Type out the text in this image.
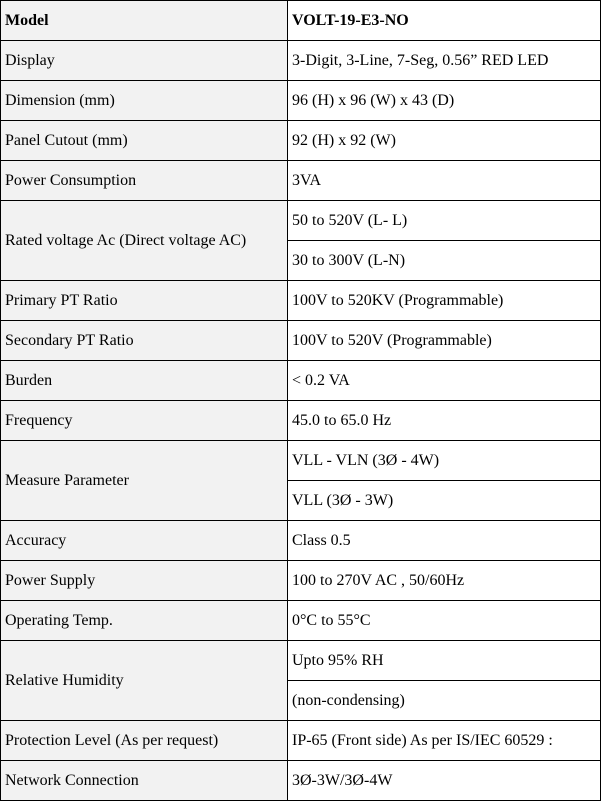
Model	VOLT-19-E3-NO
Display	3-Digit, 3-Line, 7-Seg, 0.56” RED LED
Dimension (mm)	96 (H) x 96 (W) x 43 (D)
Panel Cutout (mm)	92 (H) x 92 (W)
Power Consumption	3VA
Rated voltage Ac (Direct voltage AC)	50 to 520V (L- L)
	30 to 300V (L-N)
Primary PT Ratio	100V to 520KV (Programmable)
Secondary PT Ratio	100V to 520V (Programmable)
Burden	< 0.2 VA
Frequency	45.0 to 65.0 Hz
Measure Parameter	VLL - VLN (3Ø - 4W)
	VLL (3Ø - 3W)
Accuracy	Class 0.5
Power Supply	100 to 270V AC , 50/60Hz
Operating Temp.	0°C to 55°C
Relative Humidity	Upto 95% RH
	(non-condensing)
Protection Level (As per request)	IP-65 (Front side) As per IS/IEC 60529 :
Network Connection	3Ø-3W/3Ø-4W
